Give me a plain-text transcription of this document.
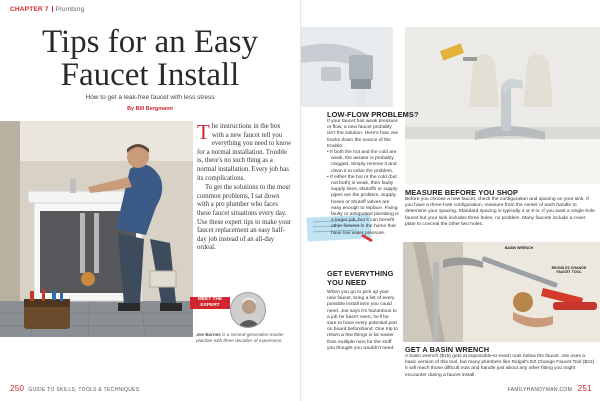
CHAPTER 7 Plumbing
Tips for an Easy
Faucet Install
How to get a leak-free faucet with less stress
By Bill Bergmann

The instructions in the box with a new faucet tell you everything you need to know for a normal installation. Trouble is, there's no such thing as a normal installation. Every job has its complications.

To get the solutions to the most common problems, I sat down with a pro plumber who faces these faucet situations every day. Use these expert tips to make your faucet replacement an easy half-day job instead of an all-day ordeal.

MEET THE EXPERT
Joe Barnes is a second-generation master plumber with three decades of experience.
250 GUIDE TO SKILLS, TOOLS & TECHNIQUES
BASIN WRENCH
RIDGID EZ CHANGE FAUCET TOOL
LOW-FLOW PROBLEMS?
If your faucet has weak pressure or flow, a new faucet probably isn't the solution. Here's how Joe tracks down the source of the trouble:
• If both the hot and the cold are weak, the aerator is probably clogged. Simply remove it and clean it to solve the problem.
• If either the hot or the cold (but not both) is weak, then faulty supply lines, shutoffs or supply pipes are the problem. Supply hoses or shutoff valves are easy enough to replace. Fixing faulty or antiquated plumbing is a larger job, but it can benefit other fixtures in the home that have low water pressure.
MEASURE BEFORE YOU SHOP
Before you choose a new faucet, check the configuration and spacing on your sink. If you have a three-hole configuration, measure from the center of each handle to determine your spacing. Standard spacing is typically 4 or 8 in. If you want a single-hole faucet but your sink includes three holes, no problem. Many faucets include a cover plate to conceal the other two holes.
GET EVERYTHING
YOU NEED
When you go to pick up your new faucet, bring a list of every possible install item you could need. Joe says it's hazardous to a job he hasn't seen; he'll be sure to have every potential part on board beforehand. One trip to return a few things is far easier than multiple runs for the stuff you thought you wouldn't need.	GET A BASIN WRENCH
A basin wrench ($15) gets at impossible-to-reach nuts below the faucet. Joe uses a basic version of this tool, but many plumbers like Ridgid's EZ Change Faucet Tool ($22). It will reach those difficult nuts and handle just about any other fitting you might encounter during a faucet install.
FAMILYHANDYMAN.COM 251
